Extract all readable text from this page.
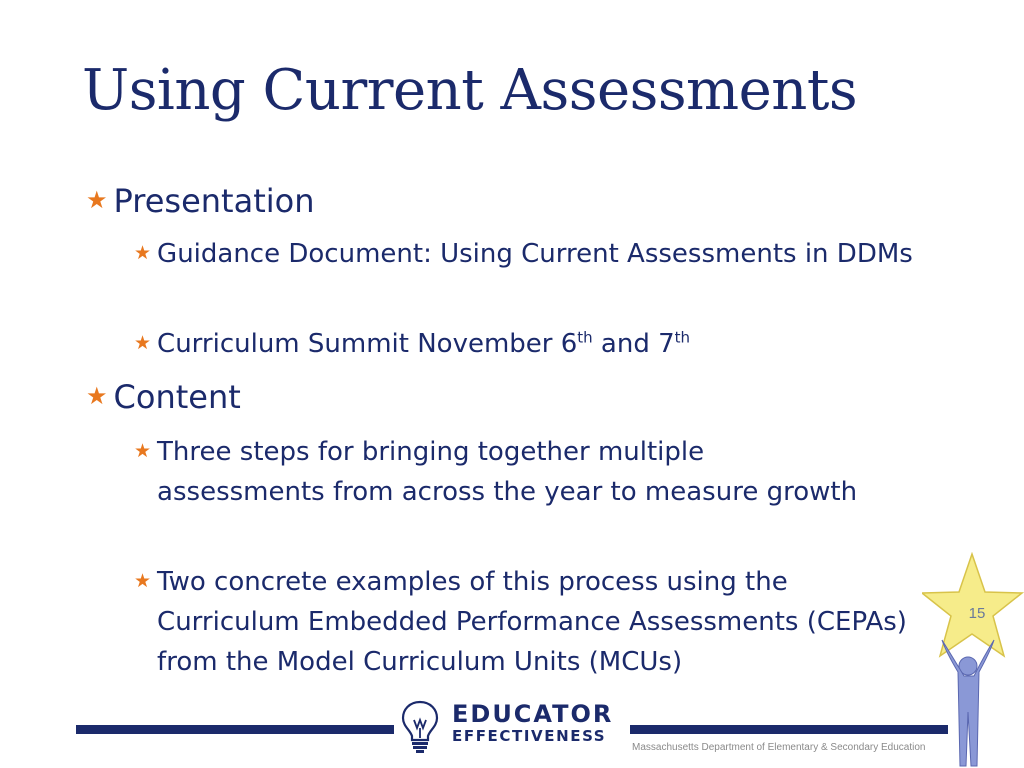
Using Current Assessments
★ Presentation
★ Guidance Document: Using Current Assessments in DDMs
★ Curriculum Summit November 6th and 7th
★ Content
★ Three steps for bringing together multiple assessments from across the year to measure growth
★ Two concrete examples of this process using the Curriculum Embedded Performance Assessments (CEPAs) from the Model Curriculum Units (MCUs)
EDUCATOR
EFFECTIVENESS
Massachusetts Department of Elementary & Secondary Education
15
